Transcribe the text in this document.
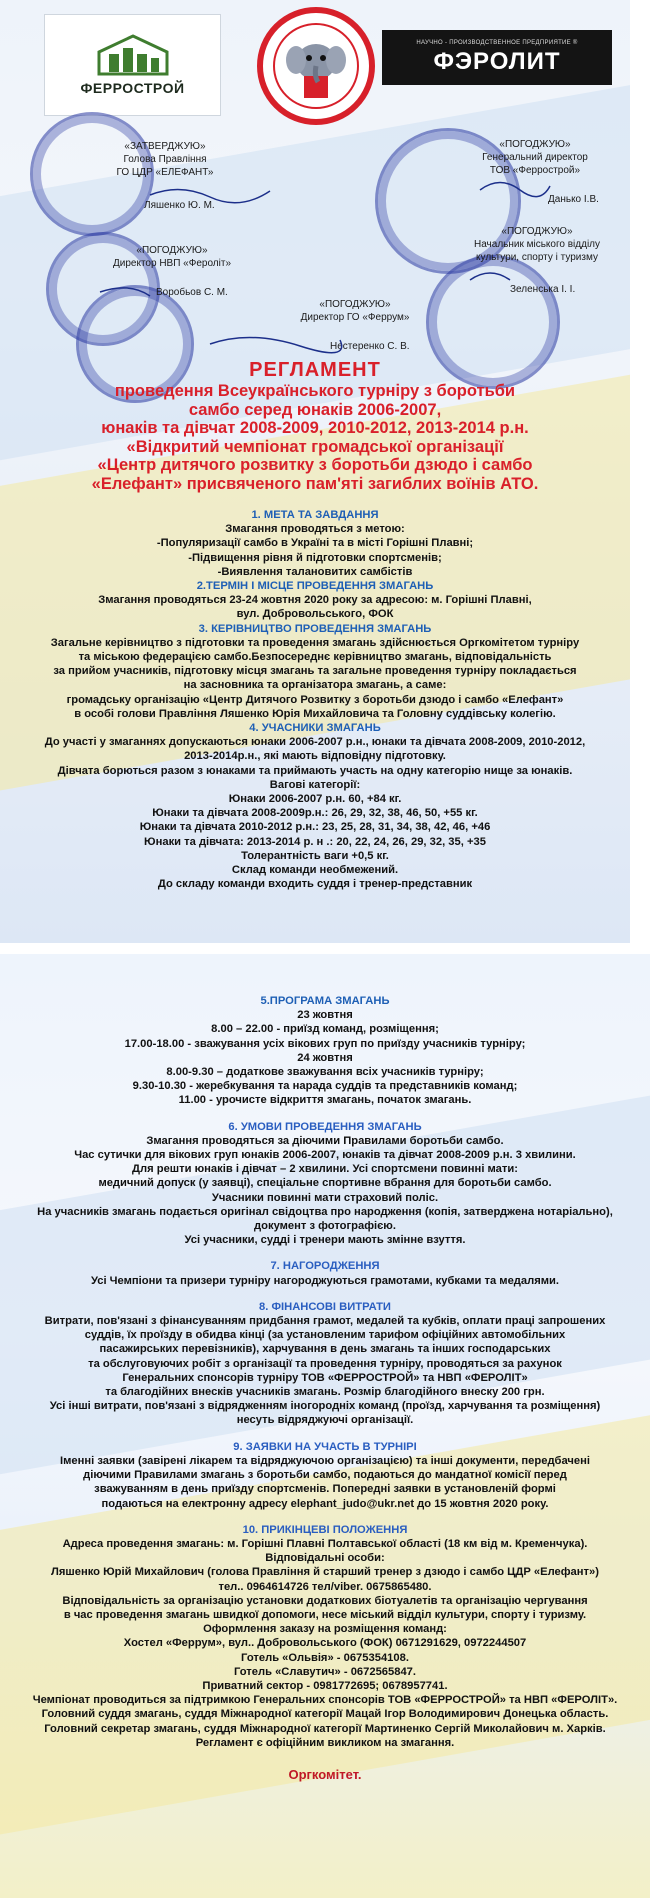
ФЕРРОСТРОЙ
НАУЧНО - ПРОИЗВОДСТВЕННОЕ ПРЕДПРИЯТИЕ ®
ФЭРОЛИТ
«ЗАТВЕРДЖУЮ»
Голова Правління
ГО ЦДР «ЕЛЕФАНТ»
Ляшенко Ю. М.
«ПОГОДЖУЮ»
Генеральний директор
ТОВ «Феррострой»
Данько І.В.
«ПОГОДЖУЮ»
Директор НВП «Фероліт»
Воробьов С. М.
«ПОГОДЖУЮ»
Начальник міського відділу
культури, спорту і туризму
Зеленська І. І.
«ПОГОДЖУЮ»
Директор ГО «Феррум»
Нестеренко С. В.
РЕГЛАМЕНТ
проведення Всеукраїнського турніру з боротьби
самбо серед юнаків 2006-2007,
юнаків та дівчат 2008-2009, 2010-2012, 2013-2014 р.н.
«Відкритий чемпіонат громадської організації
«Центр дитячого розвитку з боротьби дзюдо і самбо
«Елефант» присвяченого пам'яті загиблих воїнів АТО.

1. МЕТА ТА ЗАВДАННЯ

Змагання проводяться з метою:

-Популяризації самбо в Україні та в місті Горішні Плавні;

-Підвищення рівня й підготовки спортсменів;

-Виявлення талановитих самбістів

2.ТЕРМІН І МІСЦЕ ПРОВЕДЕННЯ ЗМАГАНЬ

Змагання проводяться 23-24 жовтня 2020 року за адресою: м. Горішні Плавні,

вул. Добровольського, ФОК

3. КЕРІВНИЦТВО ПРОВЕДЕННЯ ЗМАГАНЬ

Загальне керівництво з підготовки та проведення змагань здійснюється Оргкомітетом турніру

та міською федерацією самбо.Безпосереднє керівництво змагань, відповідальність

за прийом учасників, підготовку місця змагань та загальне проведення турніру покладається

на засновника та організатора змагань, а саме:

громадську організацію «Центр Дитячого Розвитку з боротьби дзюдо і самбо «Елефант»

в особі голови Правління Ляшенко Юрія Михайловича та Головну суддівську колегію.

4. УЧАСНИКИ ЗМАГАНЬ

До участі у змаганнях допускаються юнаки 2006-2007 р.н., юнаки та дівчата 2008-2009, 2010-2012,

2013-2014р.н., які мають відповідну підготовку.

Дівчата борються разом з юнаками та приймають участь на одну категорію нище за юнаків.

Вагові категорії:

Юнаки 2006-2007 р.н. 60, +84 кг.

Юнаки та дівчата 2008-2009р.н.: 26, 29, 32, 38, 46, 50, +55 кг.

Юнаки та дівчата 2010-2012 р.н.: 23, 25, 28, 31, 34, 38, 42, 46, +46

Юнаки та дівчата: 2013-2014 р. н .: 20, 22, 24, 26, 29, 32, 35, +35

Толерантність ваги +0,5 кг.

Склад команди необмежений.

До складу команди входить суддя і тренер-представник

5.ПРОГРАМА ЗМАГАНЬ

23 жовтня

8.00 – 22.00 - приїзд команд, розміщення;

17.00-18.00 - зважування усіх вікових груп по приїзду учасників турніру;

24 жовтня

8.00-9.30 – додаткове зважування всіх учасників турніру;

9.30-10.30 - жеребкування та нарада суддів та представників команд;

11.00 - урочисте відкриття змагань, початок змагань.

6. УМОВИ ПРОВЕДЕННЯ ЗМАГАНЬ

Змагання проводяться за діючими Правилами боротьби самбо.

Час сутички для вікових груп юнаків 2006-2007, юнаків та дівчат 2008-2009 р.н. 3 хвилини.

Для решти юнаків і дівчат – 2 хвилини. Усі спортсмени повинні мати:

медичний допуск (у заявці), спеціальне спортивне вбрання для боротьби самбо.

Учасники повинні мати страховий поліс.

На учасників змагань подається оригінал свідоцтва про народження (копія, затверджена нотаріально),

документ з фотографією.

Усі учасники, судді і тренери мають змінне взуття.

7. НАГОРОДЖЕННЯ

Усі Чемпіони та призери турніру нагороджуються грамотами, кубками та медалями.

8. ФІНАНСОВІ ВИТРАТИ

Витрати, пов'язані з фінансуванням придбання грамот, медалей та кубків, оплати праці запрошених

суддів, їх проїзду в обидва кінці (за установленим тарифом офіційних автомобільних

пасажирських перевізників), харчування в день змагань та інших господарських

та обслуговуючих робіт з організації та проведення турніру, проводяться за рахунок

Генеральних спонсорів турніру ТОВ «ФЕРРОСТРОЙ» та НВП «ФЕРОЛІТ»

та благодійних внесків учасників змагань. Розмір благодійного внеску 200 грн.

Усі інші витрати, пов'язані з відрядженням іногородніх команд (проїзд, харчування та розміщення)

несуть відряджуючі організації.

9. ЗАЯВКИ НА УЧАСТЬ В ТУРНІРІ

Іменні заявки (завірені лікарем та відряджуючою організацією) та інші документи, передбачені

діючими Правилами змагань з боротьби самбо, подаються до мандатної комісії перед

зважуванням в день приїзду спортсменів. Попередні заявки в установленій формі

подаються на електронну адресу elephant_judo@ukr.net до 15 жовтня 2020 року.

10. ПРИКІНЦЕВІ ПОЛОЖЕННЯ

Адреса проведення змагань: м. Горішні Плавні Полтавської області (18 км від м. Кременчука).

Відповідальні особи:

Ляшенко Юрій Михайлович (голова Правління й старший тренер з дзюдо і самбо ЦДР «Елефант»)

тел.. 0964614726 тел/viber. 0675865480.

Відповідальність за організацію установки додаткових біотуалетів та організацію чергування

в час проведення змагань швидкої допомоги, несе міський відділ культури, спорту і туризму.

Оформлення заказу на розміщення команд:

Хостел «Феррум», вул.. Добровольського (ФОК) 0671291629, 0972244507

Готель «Ольвія» - 0675354108.

Готель «Славутич» - 0672565847.

Приватний сектор - 0981772695; 0678957741.

Чемпіонат проводиться за підтримкою Генеральних спонсорів ТОВ «ФЕРРОСТРОЙ» та НВП «ФЕРОЛІТ».

Головний суддя змагань, суддя Міжнародної категорії Мацай Ігор Володимирович Донецька область.

Головний секретар змагань, суддя Міжнародної категорії Мартиненко Сергій Миколайович м. Харків.

Регламент є офіційним викликом на змагання.

Оргкомітет.
